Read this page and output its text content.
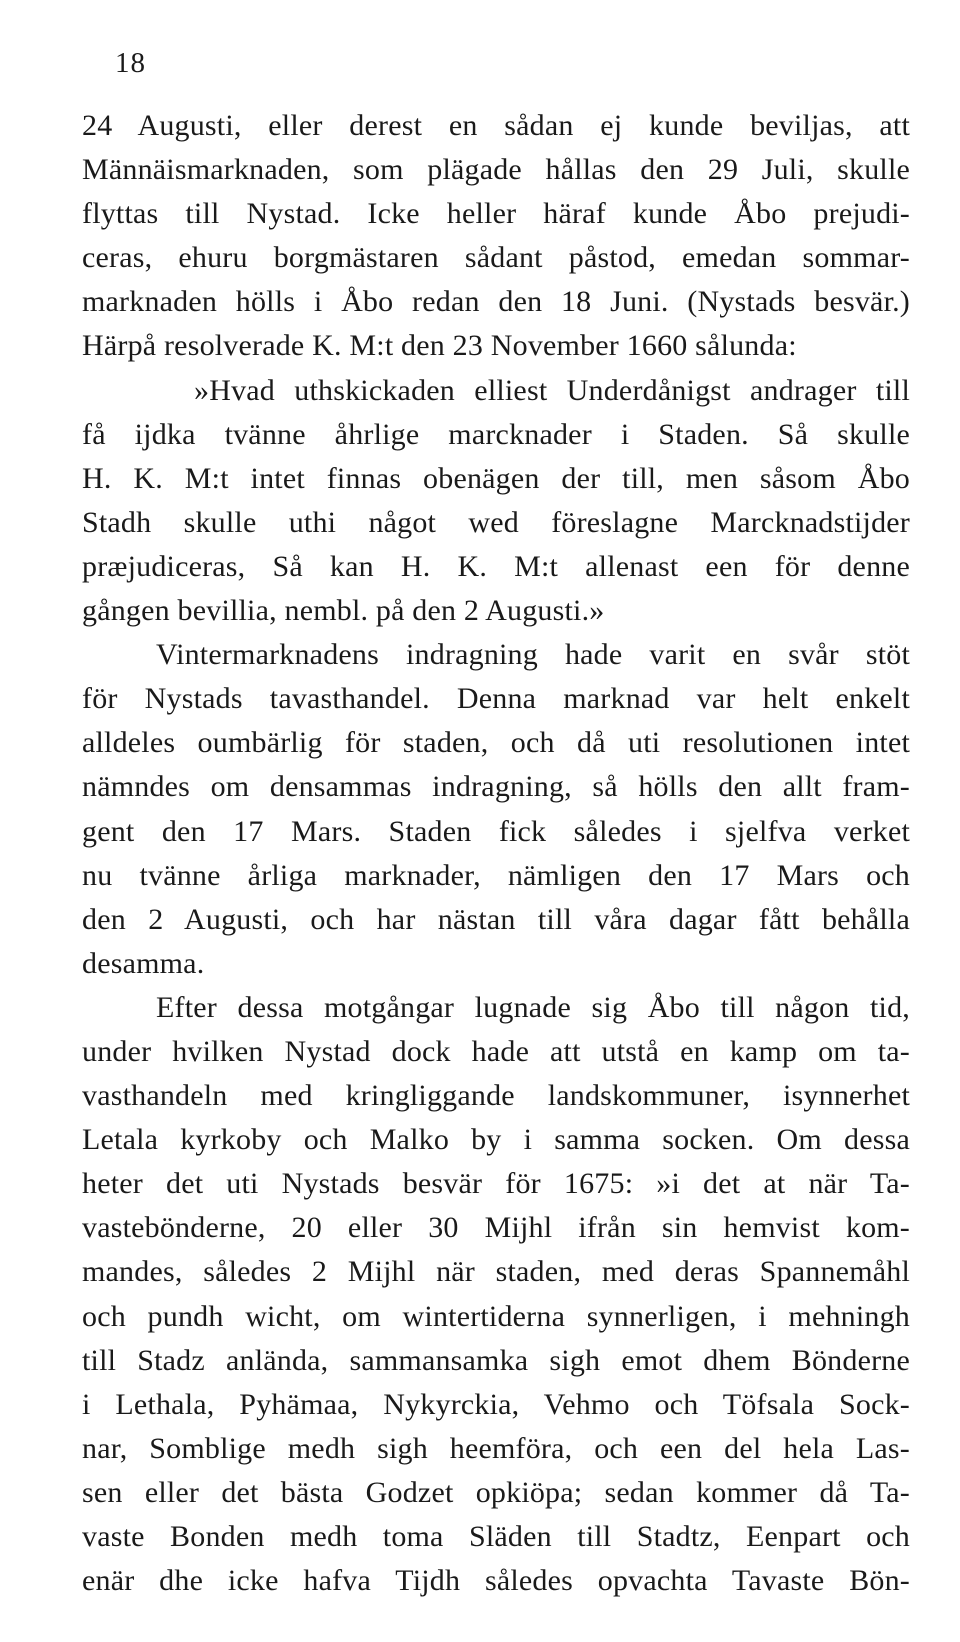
18
24 Augusti, eller derest en sådan ej kunde beviljas, att
Männäismarknaden, som plägade hållas den 29 Juli, skulle
flyttas till Nystad. Icke heller häraf kunde Åbo prejudi-
ceras, ehuru borgmästaren sådant påstod, emedan sommar-
marknaden hölls i Åbo redan den 18 Juni. (Nystads besvär.)
Härpå resolverade K. M:t den 23 November 1660 sålunda:
»Hvad uthskickaden elliest Underdånigst andrager till
få ijdka tvänne åhrlige marcknader i Staden. Så skulle
H. K. M:t intet finnas obenägen der till, men såsom Åbo
Stadh skulle uthi något wed föreslagne Marcknadstijder
præjudiceras, Så kan H. K. M:t allenast een för denne
gången bevillia, nembl. på den 2 Augusti.»
Vintermarknadens indragning hade varit en svår stöt
för Nystads tavasthandel. Denna marknad var helt enkelt
alldeles oumbärlig för staden, och då uti resolutionen intet
nämndes om densammas indragning, så hölls den allt fram-
gent den 17 Mars. Staden fick således i sjelfva verket
nu tvänne årliga marknader, nämligen den 17 Mars och
den 2 Augusti, och har nästan till våra dagar fått behålla
desamma.
Efter dessa motgångar lugnade sig Åbo till någon tid,
under hvilken Nystad dock hade att utstå en kamp om ta-
vasthandeln med kringliggande landskommuner, isynnerhet
Letala kyrkoby och Malko by i samma socken. Om dessa
heter det uti Nystads besvär för 1675: »i det at när Ta-
vastebönderne, 20 eller 30 Mijhl ifrån sin hemvist kom-
mandes, således 2 Mijhl när staden, med deras Spannemåhl
och pundh wicht, om wintertiderna synnerligen, i mehningh
till Stadz anlända, sammansamka sigh emot dhem Bönderne
i Lethala, Pyhämaa, Nykyrckia, Vehmo och Töfsala Sock-
nar, Somblige medh sigh heemföra, och een del hela Las-
sen eller det bästa Godzet opkiöpa; sedan kommer då Ta-
vaste Bonden medh toma Släden till Stadtz, Eenpart och
enär dhe icke hafva Tijdh således opvachta Tavaste Bön-
